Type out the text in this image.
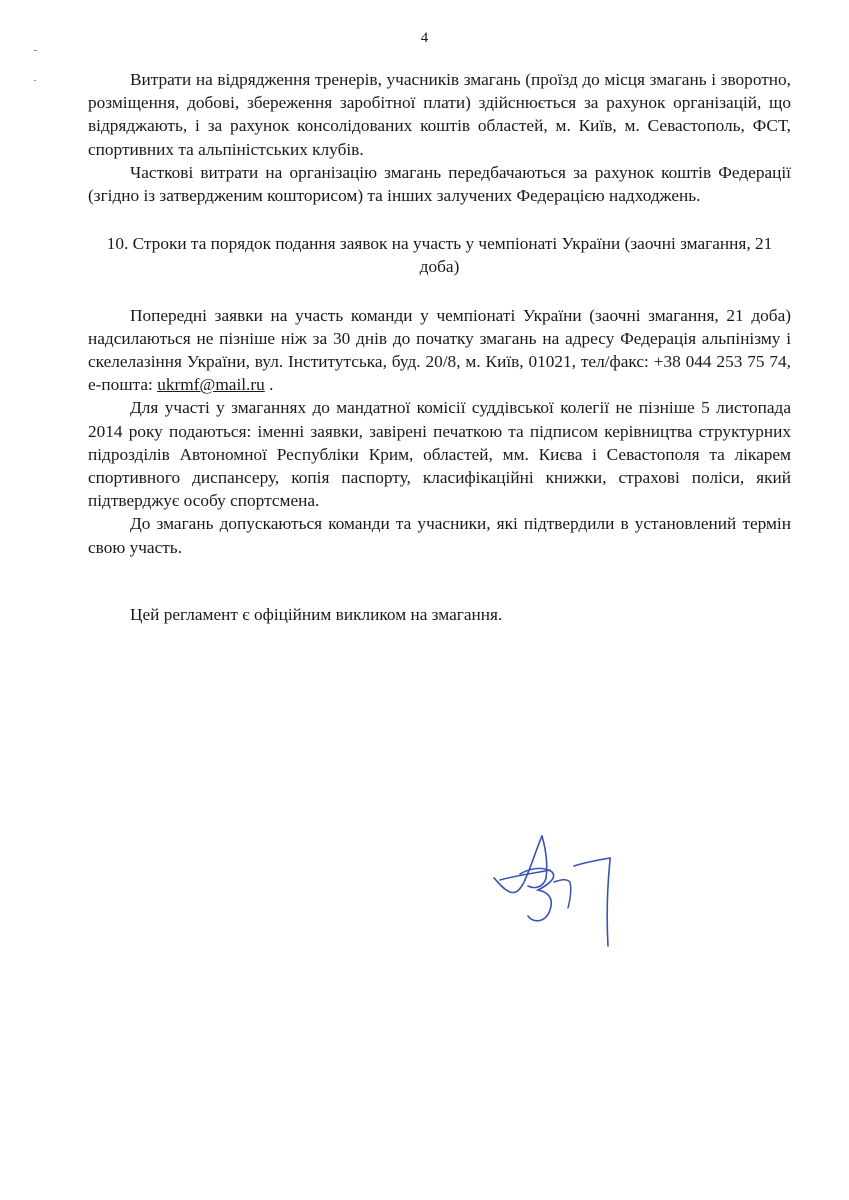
4

Витрати на відрядження тренерів, учасників змагань (проїзд до місця змагань і зворотно, розміщення, добові, збереження заробітної плати) здійснюється за рахунок організацій, що відряджають, і за рахунок консолідованих коштів областей, м. Київ, м. Севастополь, ФСТ, спортивних та альпіністських клубів.

Часткові витрати на організацію змагань передбачаються за рахунок коштів Федерації (згідно із затвердженим кошторисом) та інших залучених Федерацією надходжень.

10. Строки та порядок подання заявок на участь у чемпіонаті України (заочні змагання, 21 доба)

Попередні заявки на участь команди у чемпіонаті України (заочні змагання, 21 доба) надсилаються не пізніше ніж за 30 днів до початку змагань на адресу Федерація альпінізму і скелелазіння України, вул. Інститутська, буд. 20/8, м. Київ, 01021, тел/факс: +38 044 253 75 74, е-пошта: ukrmf@mail.ru .

Для участі у змаганнях до мандатної комісії суддівської колегії не пізніше 5 листопада 2014 року подаються: іменні заявки, завірені печаткою та підписом керівництва структурних підрозділів Автономної Республіки Крим, областей, мм. Києва і Севастополя та лікарем спортивного диспансеру, копія паспорту, класифікаційні книжки, страхові поліси, який підтверджує особу спортсмена.

До змагань допускаються команди та учасники, які підтвердили в установлений термін свою участь.

Цей регламент є офіційним викликом на змагання.
